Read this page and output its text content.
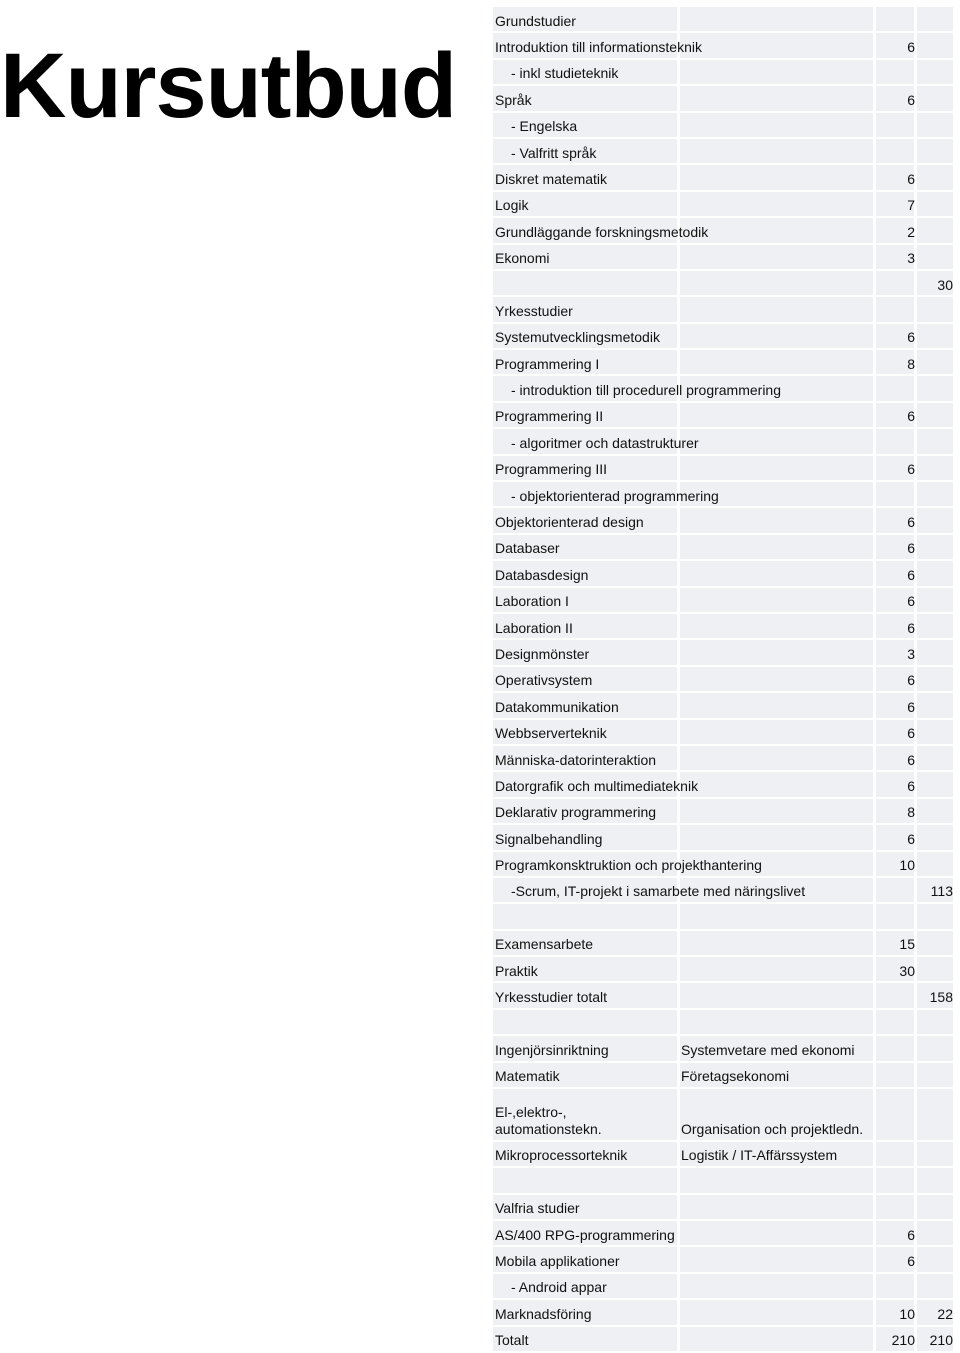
Kursutbud
Grundstudier
Introduktion till informationsteknik	6
- inkl studieteknik
Språk	6
- Engelska
- Valfritt språk
Diskret matematik	6
Logik	7
Grundläggande forskningsmetodik	2
Ekonomi	3
30
Yrkesstudier
Systemutvecklingsmetodik	6
Programmering I	8
- introduktion till procedurell programmering
Programmering II	6
- algoritmer och datastrukturer
Programmering III	6
- objektorienterad programmering
Objektorienterad design	6
Databaser	6
Databasdesign	6
Laboration I	6
Laboration II	6
Designmönster	3
Operativsystem	6
Datakommunikation	6
Webbserverteknik	6
Människa-datorinteraktion	6
Datorgrafik och multimediateknik	6
Deklarativ programmering	8
Signalbehandling	6
Programkonsktruktion och projekthantering	10
-Scrum, IT-projekt i samarbete med näringslivet	113
Examensarbete	15
Praktik	30
Yrkesstudier totalt	158
Ingenjörsinriktning	Systemvetare med ekonomi
Matematik	Företagsekonomi
El-,elektro-, automationstekn.	Organisation och projektledn.
Mikroprocessorteknik	Logistik / IT-Affärssystem
Valfria studier
AS/400 RPG-programmering	6
Mobila applikationer	6
- Android appar
Marknadsföring	10 22
Totalt	210 210
